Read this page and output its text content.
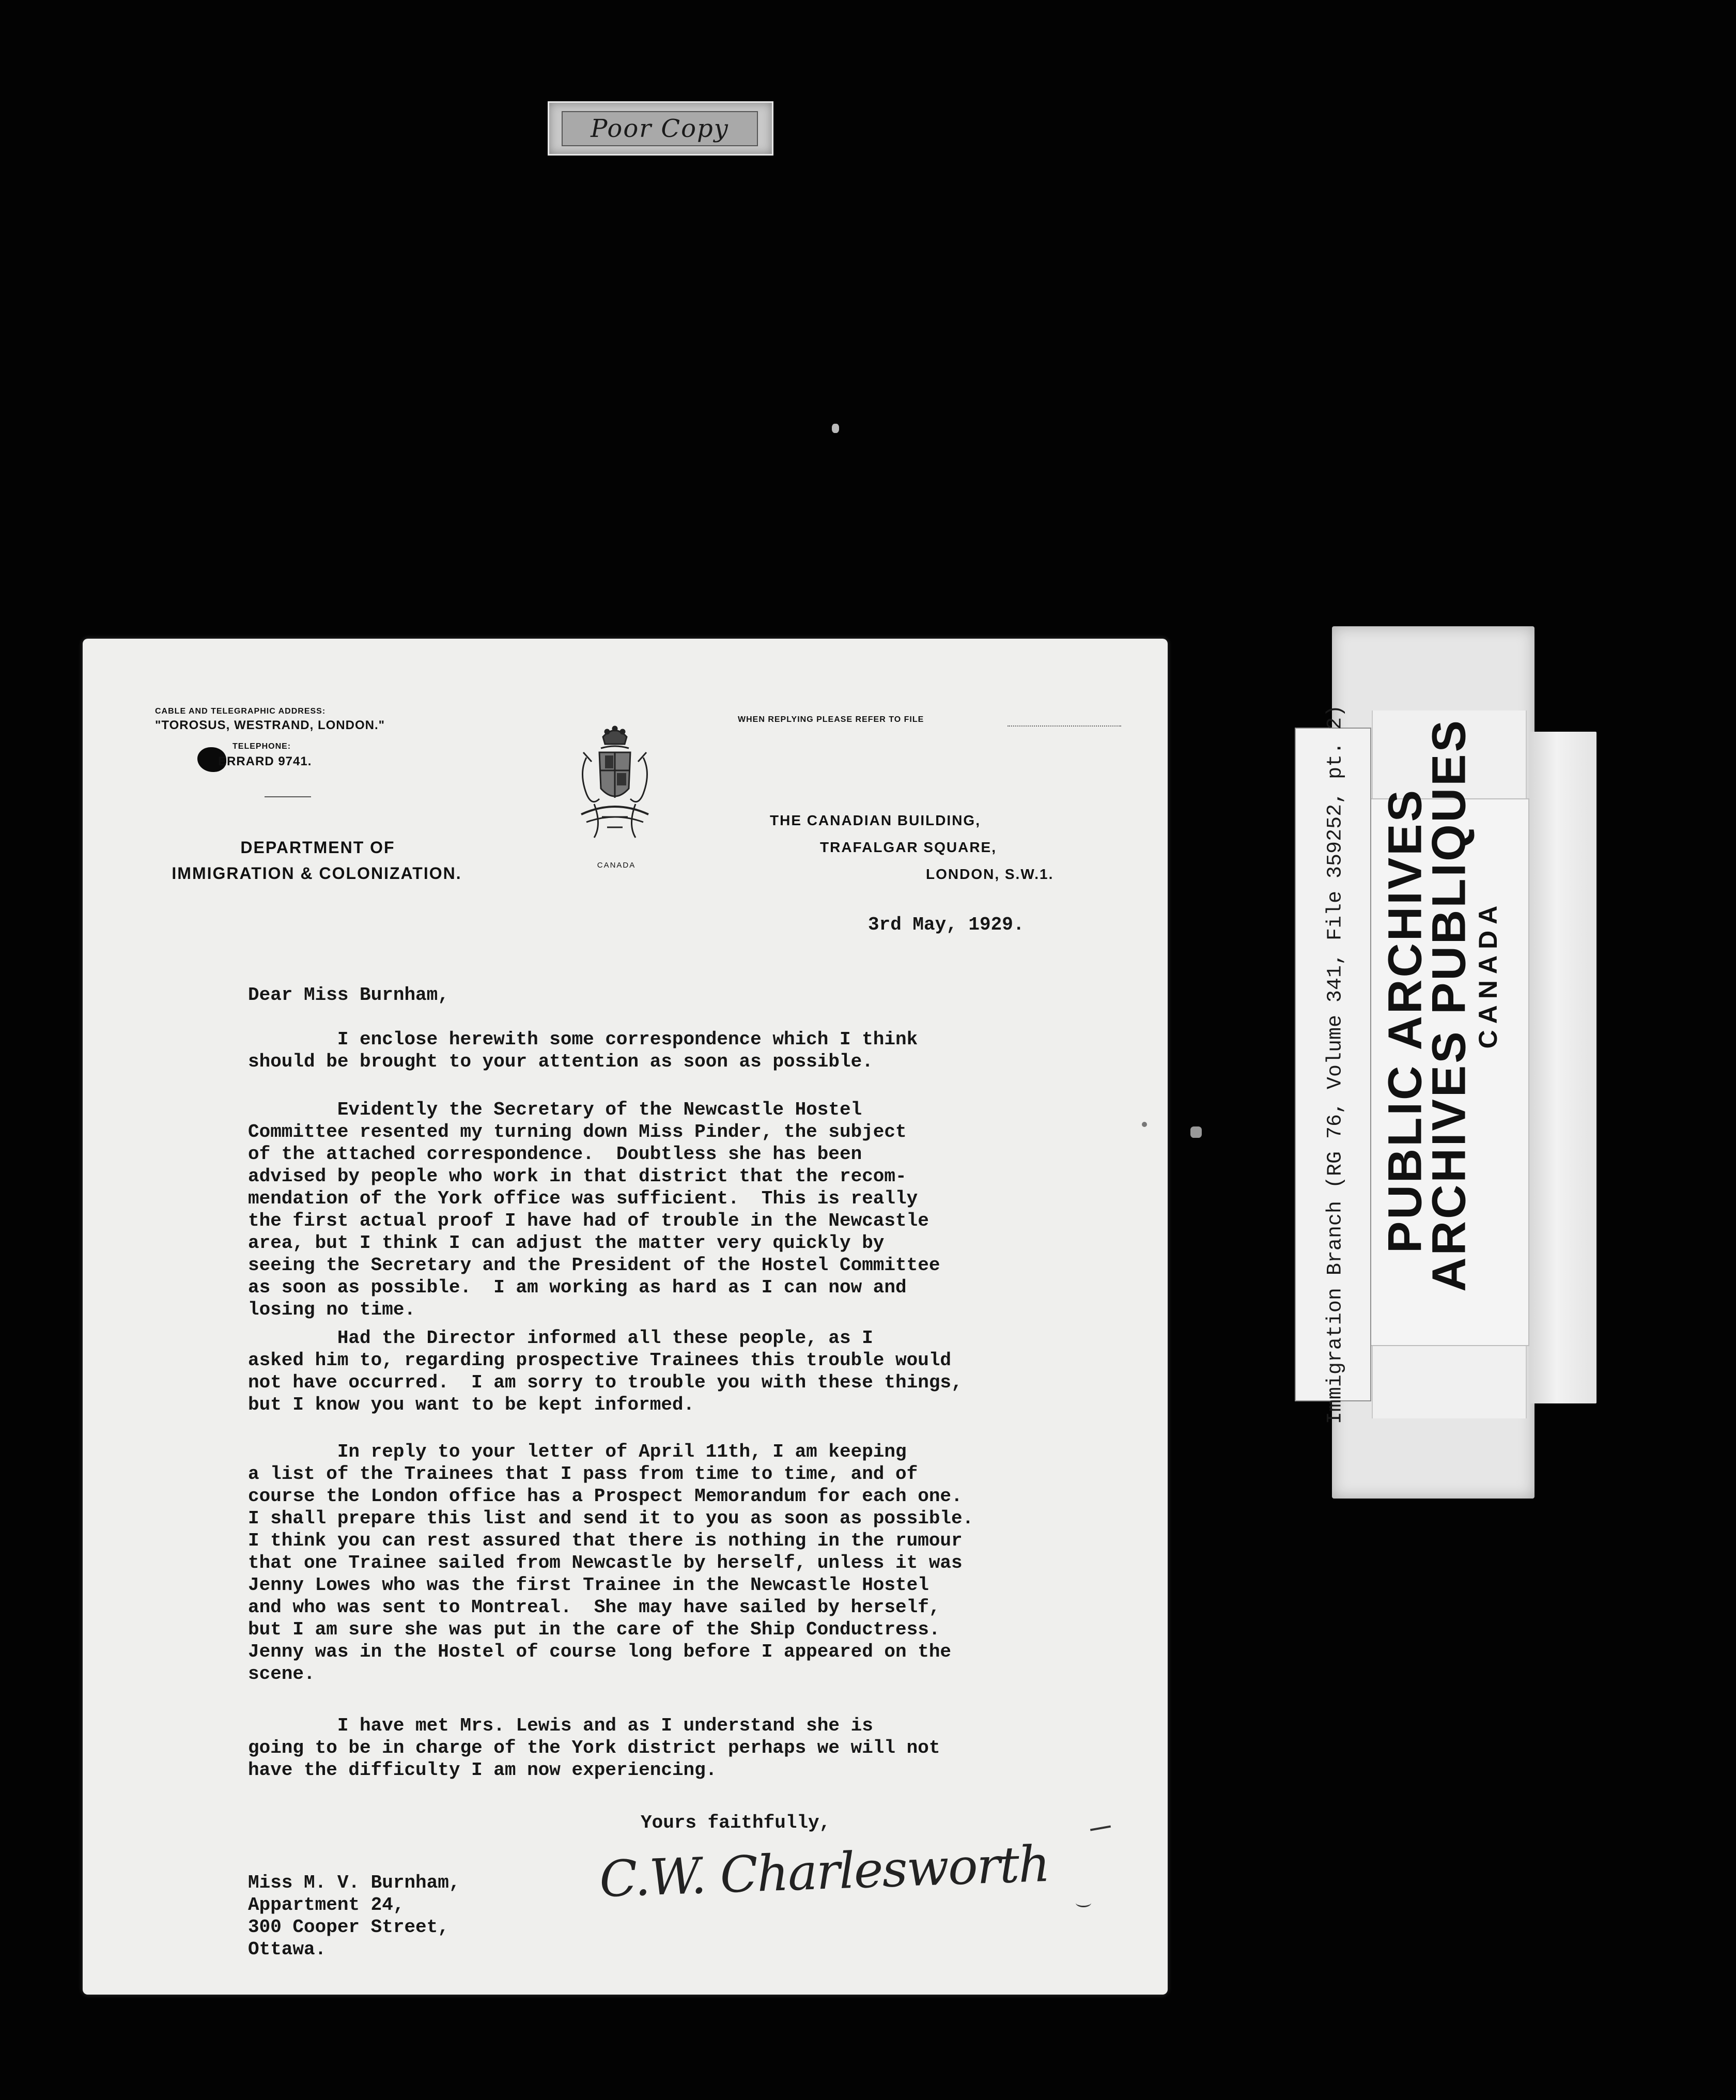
Poor Copy
CABLE AND TELEGRAPHIC ADDRESS:
"TOROSUS, WESTRAND, LONDON."
TELEPHONE:
ERRARD 9741.
DEPARTMENT OF
IMMIGRATION & COLONIZATION.	CANADA
WHEN REPLYING PLEASE REFER TO FILE
THE CANADIAN BUILDING,
TRAFALGAR SQUARE,
LONDON, S.W.1.
3rd May, 1929.
Dear Miss Burnham,
I enclose herewith some correspondence which I think
should be brought to your attention as soon as possible.
Evidently the Secretary of the Newcastle Hostel
Committee resented my turning down Miss Pinder, the subject
of the attached correspondence.  Doubtless she has been
advised by people who work in that district that the recom-
mendation of the York office was sufficient.  This is really
the first actual proof I have had of trouble in the Newcastle
area, but I think I can adjust the matter very quickly by
seeing the Secretary and the President of the Hostel Committee
as soon as possible.  I am working as hard as I can now and
losing no time.
Had the Director informed all these people, as I
asked him to, regarding prospective Trainees this trouble would
not have occurred.  I am sorry to trouble you with these things,
but I know you want to be kept informed.
In reply to your letter of April 11th, I am keeping
a list of the Trainees that I pass from time to time, and of
course the London office has a Prospect Memorandum for each one.
I shall prepare this list and send it to you as soon as possible.
I think you can rest assured that there is nothing in the rumour
that one Trainee sailed from Newcastle by herself, unless it was
Jenny Lowes who was the first Trainee in the Newcastle Hostel
and who was sent to Montreal.  She may have sailed by herself,
but I am sure she was put in the care of the Ship Conductress.
Jenny was in the Hostel of course long before I appeared on the
scene.
I have met Mrs. Lewis and as I understand she is
going to be in charge of the York district perhaps we will not
have the difficulty I am now experiencing.
Yours faithfully,
C.W. Charlesworth
Miss M. V. Burnham,
Appartment 24,
300 Cooper Street,
Ottawa.
Immigration Branch (RG 76, Volume 341, File 359252, pt. 2) PUBLIC ARCHIVES
ARCHIVES PUBLIQUES
CANADA
